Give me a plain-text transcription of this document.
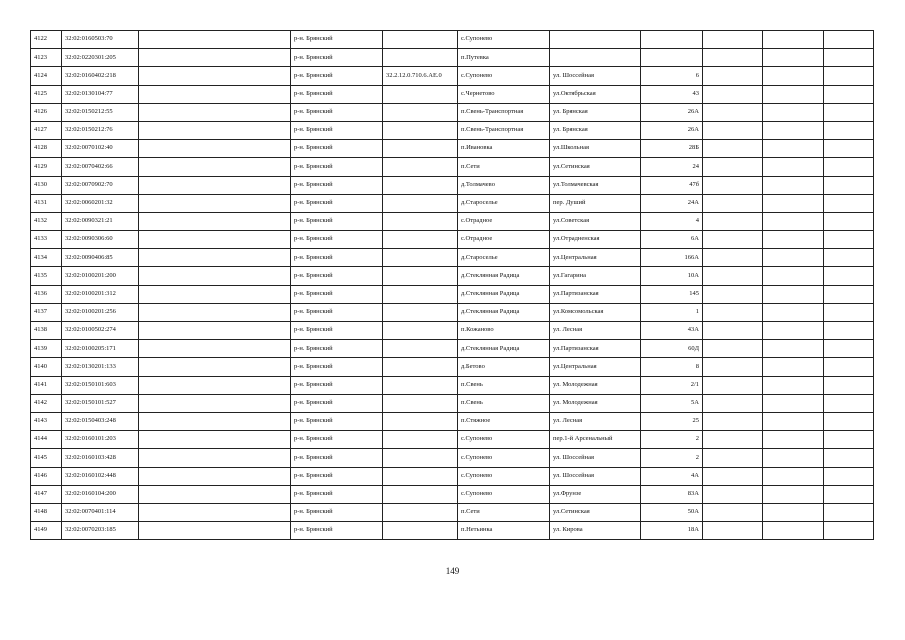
4122	32:02:0160503:70		р-н. Брянский		с.Супонево					
4123	32:02:0220301:205		р-н. Брянский		п.Путевка					
4124	32:02:0160402:218		р-н. Брянский	32.2.12.0.710.6.АЕ.0	с.Супонево	ул. Шоссейная	6			
4125	32:02:0130104:77		р-н. Брянский		с.Чернетово	ул.Октябрьская	43			
4126	32:02:0150212:55		р-н. Брянский		п.Свень-Транспортная	ул. Брянская	26А			
4127	32:02:0150212:76		р-н. Брянский		п.Свень-Транспортная	ул. Брянская	26А			
4128	32:02:0070102:40		р-н. Брянский		п.Ивановка	ул.Школьная	28Б			
4129	32:02:0070402:66		р-н. Брянский		п.Сети	ул.Сетинская	24			
4130	32:02:0070902:70		р-н. Брянский		д.Толмачево	ул.Толмачевская	47б			
4131	32:02:0060201:32		р-н. Брянский		д.Староселье	пер. Душий	24А			
4132	32:02:0090321:21		р-н. Брянский		с.Отрадное	ул.Советская	4			
4133	32:02:0090306:60		р-н. Брянский		с.Отрадное	ул.Отрадненская	6А			
4134	32:02:0090406:85		р-н. Брянский		д.Староселье	ул.Центральная	166А			
4135	32:02:0100201:200		р-н. Брянский		д.Стеклянная Радица	ул.Гагарина	10А			
4136	32:02:0100201:312		р-н. Брянский		д.Стеклянная Радица	ул.Партизанская	145			
4137	32:02:0100201:256		р-н. Брянский		д.Стеклянная Радица	ул.Комсомольская	1			
4138	32:02:0100502:274		р-н. Брянский		п.Кожаново	ул. Лесная	43А			
4139	32:02:0100205:171		р-н. Брянский		д.Стеклянная Радица	ул.Партизанская	60Д			
4140	32:02:0130201:133		р-н. Брянский		д.Бетово	ул.Центральная	8			
4141	32:02:0150101:603		р-н. Брянский		п.Свень	ул. Молодежная	2/1			
4142	32:02:0150101:527		р-н. Брянский		п.Свень	ул. Молодежная	5А			
4143	32:02:0150403:248		р-н. Брянский		п.Стяжное	ул. Лесная	25			
4144	32:02:0160101:203		р-н. Брянский		с.Супонево	пер.1-й Арсенальный	2			
4145	32:02:0160103:428		р-н. Брянский		с.Супонево	ул. Шоссейная	2			
4146	32:02:0160102:448		р-н. Брянский		с.Супонево	ул. Шоссейная	4А			
4147	32:02:0160104:200		р-н. Брянский		с.Супонево	ул.Фрунзе	83А			
4148	32:02:0070401:114		р-н. Брянский		п.Сети	ул.Сетинская	50А			
4149	32:02:0070203:185		р-н. Брянский		п.Нетьинка	ул. Кирова	18А			
149
